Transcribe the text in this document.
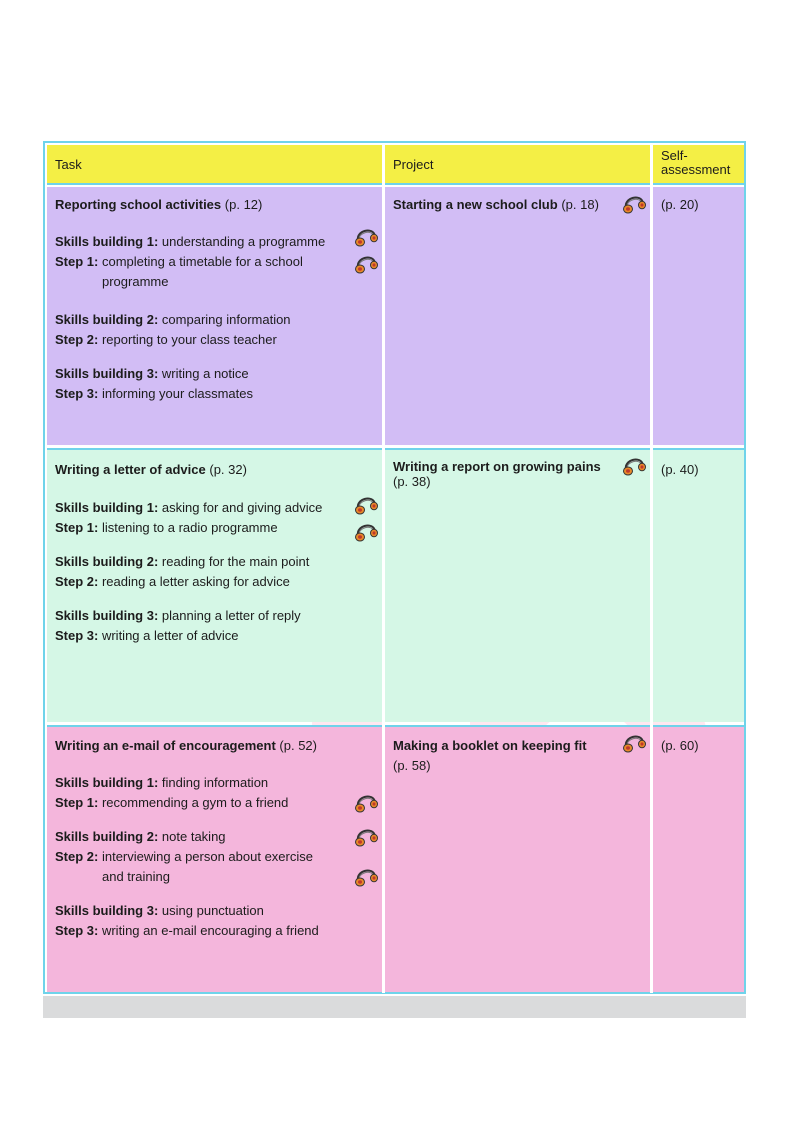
Task	Project
Self-
assessment
Reporting school activities (p. 12)
Skills building 1: understanding a programme
Step 1: completing a timetable for a school
programme
Skills building 2: comparing information
Step 2: reporting to your class teacher
Skills building 3: writing a notice
Step 3: informing your classmates
Starting a new school club (p. 18)	(p. 20)
Writing a letter of advice (p. 32)
Skills building 1: asking for and giving advice
Step 1: listening to a radio programme
Skills building 2: reading for the main point
Step 2: reading a letter asking for advice
Skills building 3: planning a letter of reply
Step 3: writing a letter of advice
Writing a report on growing pains
(p. 38)
(p. 40)
Writing an e-mail of encouragement (p. 52)
Skills building 1: finding information
Step 1: recommending a gym to a friend
Skills building 2: note taking
Step 2: interviewing a person about exercise
and training
Skills building 3: using punctuation
Step 3: writing an e-mail encouraging a friend
Making a booklet on keeping fit
(p. 58)
(p. 60)
